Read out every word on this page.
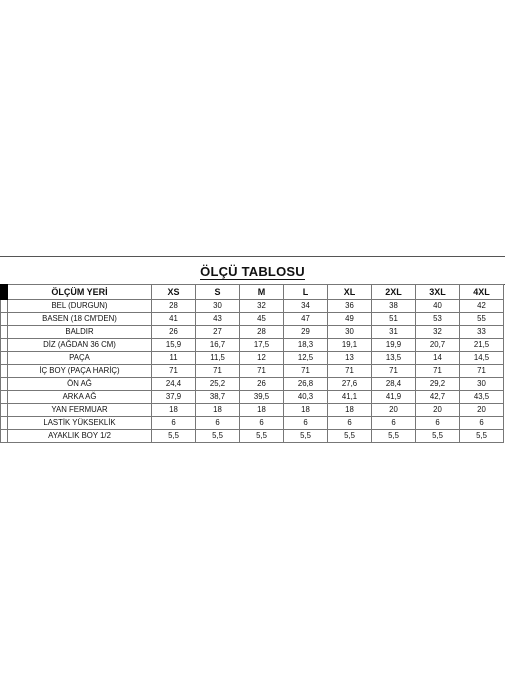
ÖLÇÜ TABLOSU
	ÖLÇÜM YERİ	XS	S	M	L	XL	2XL	3XL	4XL
	BEL (DURGUN)	28	30	32	34	36	38	40	42
	BASEN (18 CM'DEN)	41	43	45	47	49	51	53	55
	BALDIR	26	27	28	29	30	31	32	33
	DİZ (AĞDAN 36 CM)	15,9	16,7	17,5	18,3	19,1	19,9	20,7	21,5
	PAÇA	11	11,5	12	12,5	13	13,5	14	14,5
	İÇ BOY (PAÇA HARİÇ)	71	71	71	71	71	71	71	71
	ÖN AĞ	24,4	25,2	26	26,8	27,6	28,4	29,2	30
	ARKA AĞ	37,9	38,7	39,5	40,3	41,1	41,9	42,7	43,5
	YAN FERMUAR	18	18	18	18	18	20	20	20
	LASTİK YÜKSEKLİK	6	6	6	6	6	6	6	6
	AYAKLIK BOY 1/2	5,5	5,5	5,5	5,5	5,5	5,5	5,5	5,5
